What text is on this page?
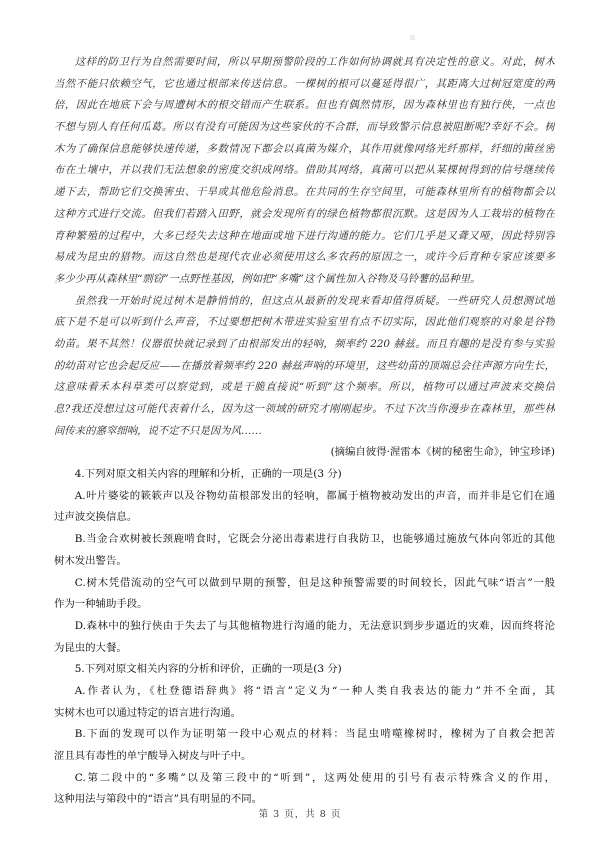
这样的防卫行为自然需要时间，所以早期预警阶段的工作如何协调就具有决定性的意义。对此，树木
当然不能只依赖空气，它也通过根部来传送信息。一棵树的根可以蔓延得很广，其距离大过树冠宽度的两
倍，因此在地底下会与周遭树木的根交错而产生联系。但也有偶然情形，因为森林里也有独行侠，一点也
不想与别人有任何瓜葛。所以有没有可能因为这些家伙的不合群，而导致警示信息被阻断呢?幸好不会。树
木为了确保信息能够快速传递，多数情况下都会以真菌为媒介，其作用就像网络光纤那样，纤细的菌丝密
布在土壤中，并以我们无法想象的密度交织成网络。借助其网络，真菌可以把从某棵树得到的信号继续传
递下去，帮助它们交换害虫、干旱或其他危险消息。在共同的生存空间里，可能森林里所有的植物都会以
这种方式进行交流。但我们若踏入田野，就会发现所有的绿色植物都很沉默。这是因为人工栽培的植物在
育种繁殖的过程中，大多已经失去这种在地面或地下进行沟通的能力。它们几乎是又聋又哑，因此特别容
易成为昆虫的猎物。而这自然也是现代农业必须使用这么多农药的原因之一，或许今后育种专家应该要多
多少少再从森林里“剽窃”一点野性基因，例如把“多嘴”这个属性加入谷物及马铃薯的品种里。
虽然我一开始时说过树木是静悄悄的，但这点从最新的发现来看却值得质疑。一些研究人员想测试地
底下是不是可以听到什么声音，不过要想把树木带进实验室里有点不切实际，因此他们观察的对象是谷物
幼苗。果不其然！仪器很快就记录到了由根部发出的轻响，频率约 220 赫兹。而且有趣的是没有参与实验
的幼苗对它也会起反应——在播放着频率约 220 赫兹声响的环境里，这些幼苗的顶端总会往声源方向生长，
这意味着禾本科草类可以察觉到，或是干脆直接说“听到”这个频率。所以，植物可以通过声波来交换信
息?我还没想过这可能代表着什么，因为这一领域的研究才刚刚起步。不过下次当你漫步在森林里，那些林
间传来的窸窣细响，说不定不只是因为风……
(摘编自彼得·渥雷本《树的秘密生命》，钟宝珍译)
4.下列对原文相关内容的理解和分析，正确的一项是(3 分)
A.叶片婆娑的簌簌声以及谷物幼苗根部发出的轻响，都属于植物被动发出的声音，而并非是它们在通
过声波交换信息。
B.当金合欢树被长颈鹿啃食时，它既会分泌出毒素进行自我防卫，也能够通过施放气体向邻近的其他
树木发出警告。
C.树木凭借流动的空气可以做到早期的预警，但是这种预警需要的时间较长，因此气味“语言”一般
作为一种辅助手段。
D.森林中的独行侠由于失去了与其他植物进行沟通的能力，无法意识到步步逼近的灾难，因而终将沦
为昆虫的大餐。
5.下列对原文相关内容的分析和评价，正确的一项是(3 分)
A.作者认为，《杜登德语辞典》将“语言”定义为“一种人类自我表达的能力”并不全面，其
实树木也可以通过特定的语言进行沟通。
B.下面的发现可以作为证明第一段中心观点的材料：当昆虫啃噬橡树时，橡树为了自救会把苦
涩且具有毒性的单宁酸导入树皮与叶子中。
C.第二段中的“多嘴”以及第三段中的“听到”，这两处使用的引号有表示特殊含义的作用，
这种用法与第段中的“语言”具有明显的不同。
第 3 页，共 8 页
